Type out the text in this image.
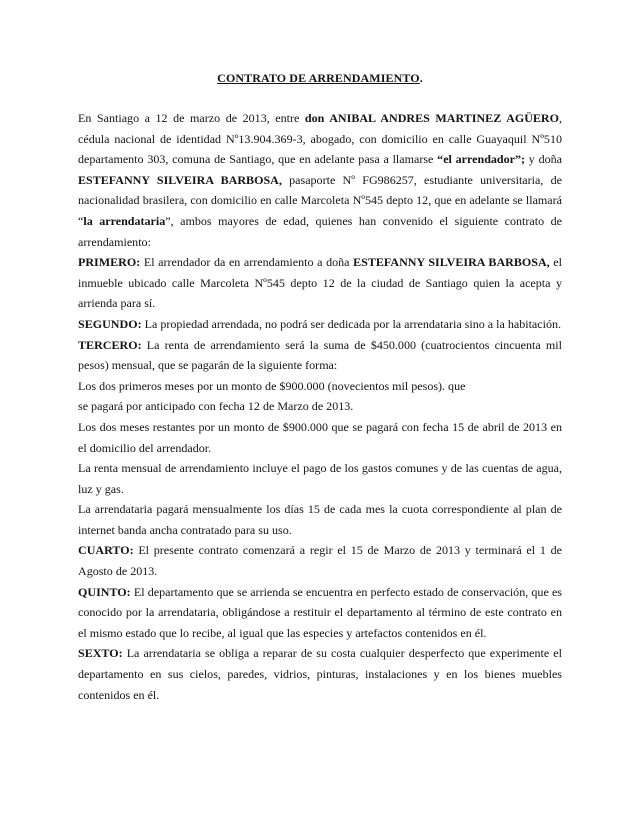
CONTRATO DE ARRENDAMIENTO.

En Santiago a 12 de marzo de 2013, entre don ANIBAL ANDRES MARTINEZ AGÜERO, cédula nacional de identidad Nº13.904.369-3, abogado, con domicilio en calle Guayaquil Nº510 departamento 303, comuna de Santiago, que en adelante pasa a llamarse “el arrendador”; y doña ESTEFANNY SILVEIRA BARBOSA, pasaporte Nº FG986257, estudiante universitaria, de nacionalidad brasilera, con domicilio en calle Marcoleta Nº545 depto 12, que en adelante se llamará “la arrendataria”, ambos mayores de edad, quienes han convenido el siguiente contrato de arrendamiento:

PRIMERO: El arrendador da en arrendamiento a doña ESTEFANNY SILVEIRA BARBOSA, el inmueble ubicado calle Marcoleta Nº545 depto 12 de la ciudad de Santiago quien la acepta y arrienda para sí.

SEGUNDO: La propiedad arrendada, no podrá ser dedicada por la arrendataria sino a la habitación.

TERCERO: La renta de arrendamiento será la suma de $450.000 (cuatrocientos cincuenta mil pesos) mensual, que se pagarán de la siguiente forma:

Los dos primeros meses por un monto de $900.000 (novecientos mil pesos). que

se pagará por anticipado con fecha 12 de Marzo de 2013.

Los dos meses restantes por un monto de $900.000 que se pagará con fecha 15 de abril de 2013 en el domicilio del arrendador.

La renta mensual de arrendamiento incluye el pago de los gastos comunes y de las cuentas de agua, luz y gas.

La arrendataria pagará mensualmente los días 15 de cada mes la cuota correspondiente al plan de internet banda ancha contratado para su uso.

CUARTO: El presente contrato comenzará a regir el 15 de Marzo de 2013 y terminará el 1 de Agosto de 2013.

QUINTO: El departamento que se arrienda se encuentra en perfecto estado de conservación, que es conocido por la arrendataria, obligándose a restituir el departamento al término de este contrato en el mismo estado que lo recibe, al igual que las especies y artefactos contenidos en él.

SEXTO: La arrendataria se obliga a reparar de su costa cualquier desperfecto que experimente el departamento en sus cielos, paredes, vidrios, pinturas, instalaciones y en los bienes muebles contenidos en él.
